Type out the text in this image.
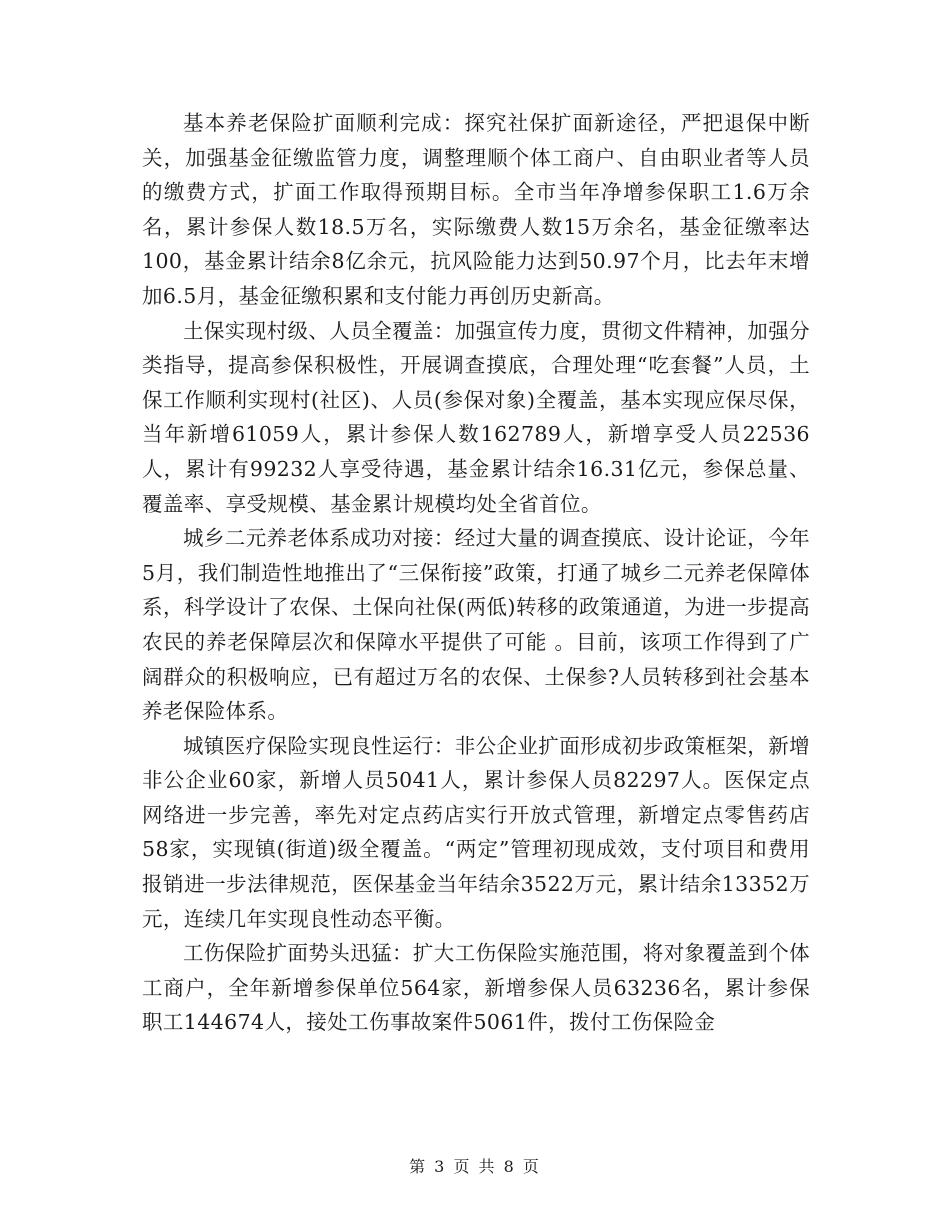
基本养老保险扩面顺利完成：探究社保扩面新途径，严把退保中断关，加强基金征缴监管力度，调整理顺个体工商户、自由职业者等人员的缴费方式，扩面工作取得预期目标。全市当年净增参保职工1.6万余名，累计参保人数18.5万名，实际缴费人数15万余名，基金征缴率达100，基金累计结余8亿余元，抗风险能力达到50.97个月，比去年末增加6.5月，基金征缴积累和支付能力再创历史新高。

土保实现村级、人员全覆盖：加强宣传力度，贯彻文件精神，加强分类指导，提高参保积极性，开展调查摸底，合理处理“吃套餐”人员，土保工作顺利实现村(社区)、人员(参保对象)全覆盖，基本实现应保尽保，当年新增61059人，累计参保人数162789人，新增享受人员22536人，累计有99232人享受待遇，基金累计结余16.31亿元，参保总量、覆盖率、享受规模、基金累计规模均处全省首位。

城乡二元养老体系成功对接：经过大量的调查摸底、设计论证，今年5月，我们制造性地推出了“三保衔接”政策，打通了城乡二元养老保障体系，科学设计了农保、土保向社保(两低)转移的政策通道，为进一步提高农民的养老保障层次和保障水平提供了可能 。目前，该项工作得到了广阔群众的积极响应，已有超过万名的农保、土保参?人员转移到社会基本养老保险体系。

城镇医疗保险实现良性运行：非公企业扩面形成初步政策框架，新增非公企业60家，新增人员5041人，累计参保人员82297人。医保定点网络进一步完善，率先对定点药店实行开放式管理，新增定点零售药店58家，实现镇(街道)级全覆盖。“两定”管理初现成效，支付项目和费用报销进一步法律规范，医保基金当年结余3522万元，累计结余13352万元，连续几年实现良性动态平衡。

工伤保险扩面势头迅猛：扩大工伤保险实施范围，将对象覆盖到个体工商户，全年新增参保单位564家，新增参保人员63236名，累计参保职工144674人，接处工伤事故案件5061件，拨付工伤保险金

第 3 页 共 8 页
